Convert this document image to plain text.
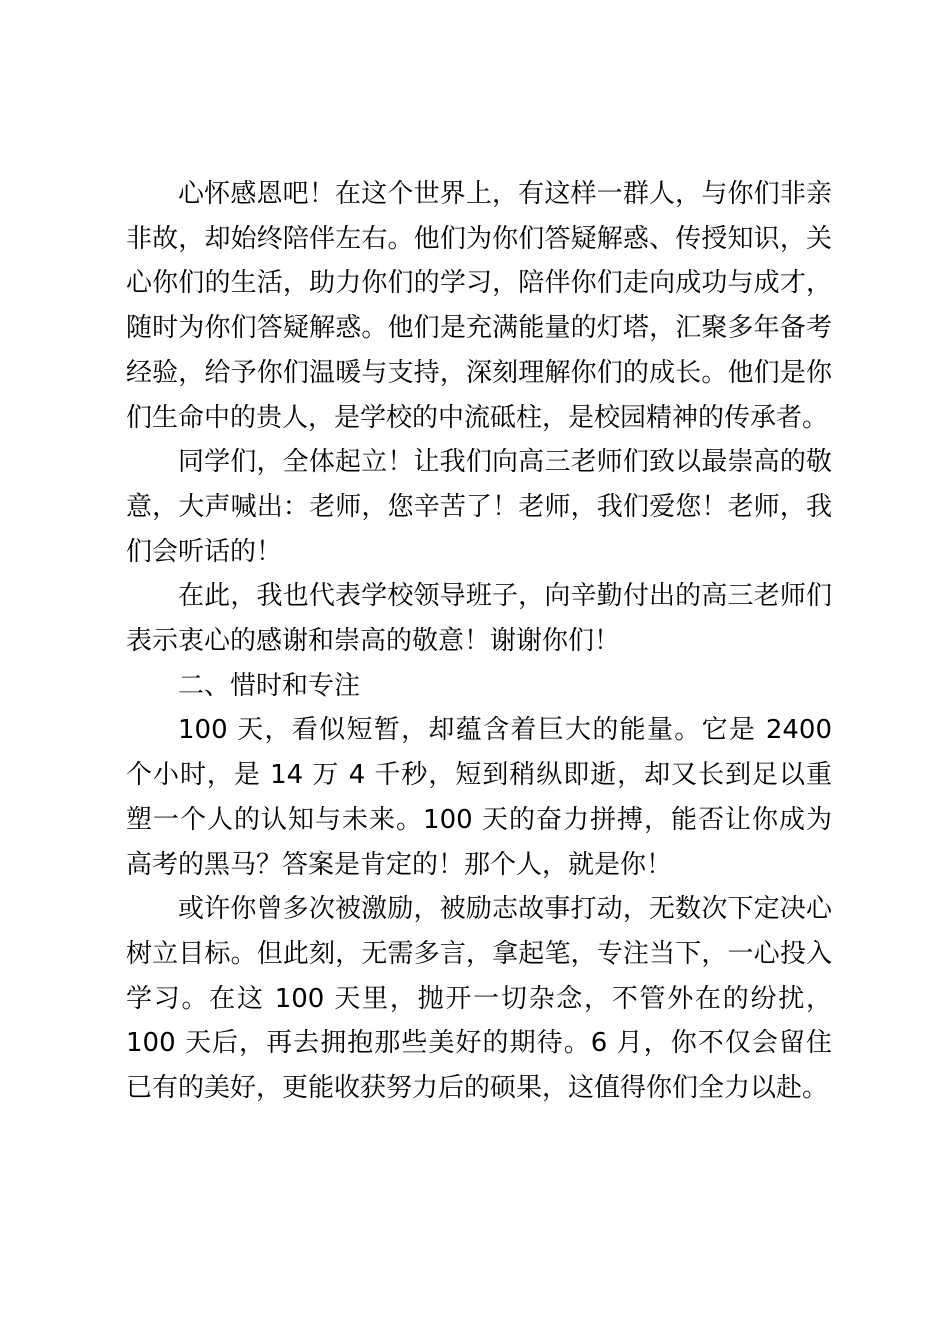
心怀感恩吧！在这个世界上，有这样一群人，与你们非亲非故，却始终陪伴左右。他们为你们答疑解惑、传授知识，关心你们的生活，助力你们的学习，陪伴你们走向成功与成才，随时为你们答疑解惑。他们是充满能量的灯塔，汇聚多年备考经验，给予你们温暖与支持，深刻理解你们的成长。他们是你们生命中的贵人，是学校的中流砥柱，是校园精神的传承者。

同学们，全体起立！让我们向高三老师们致以最崇高的敬意，大声喊出：老师，您辛苦了！老师，我们爱您！老师，我们会听话的！

在此，我也代表学校领导班子，向辛勤付出的高三老师们表示衷心的感谢和崇高的敬意！谢谢你们！

二、惜时和专注

100 天，看似短暂，却蕴含着巨大的能量。它是 2400 个小时，是 14 万 4 千秒，短到稍纵即逝，却又长到足以重塑一个人的认知与未来。100 天的奋力拼搏，能否让你成为高考的黑马？答案是肯定的！那个人，就是你！

或许你曾多次被激励，被励志故事打动，无数次下定决心树立目标。但此刻，无需多言，拿起笔，专注当下，一心投入学习。在这 100 天里，抛开一切杂念，不管外在的纷扰，100 天后，再去拥抱那些美好的期待。6 月，你不仅会留住已有的美好，更能收获努力后的硕果，这值得你们全力以赴。
